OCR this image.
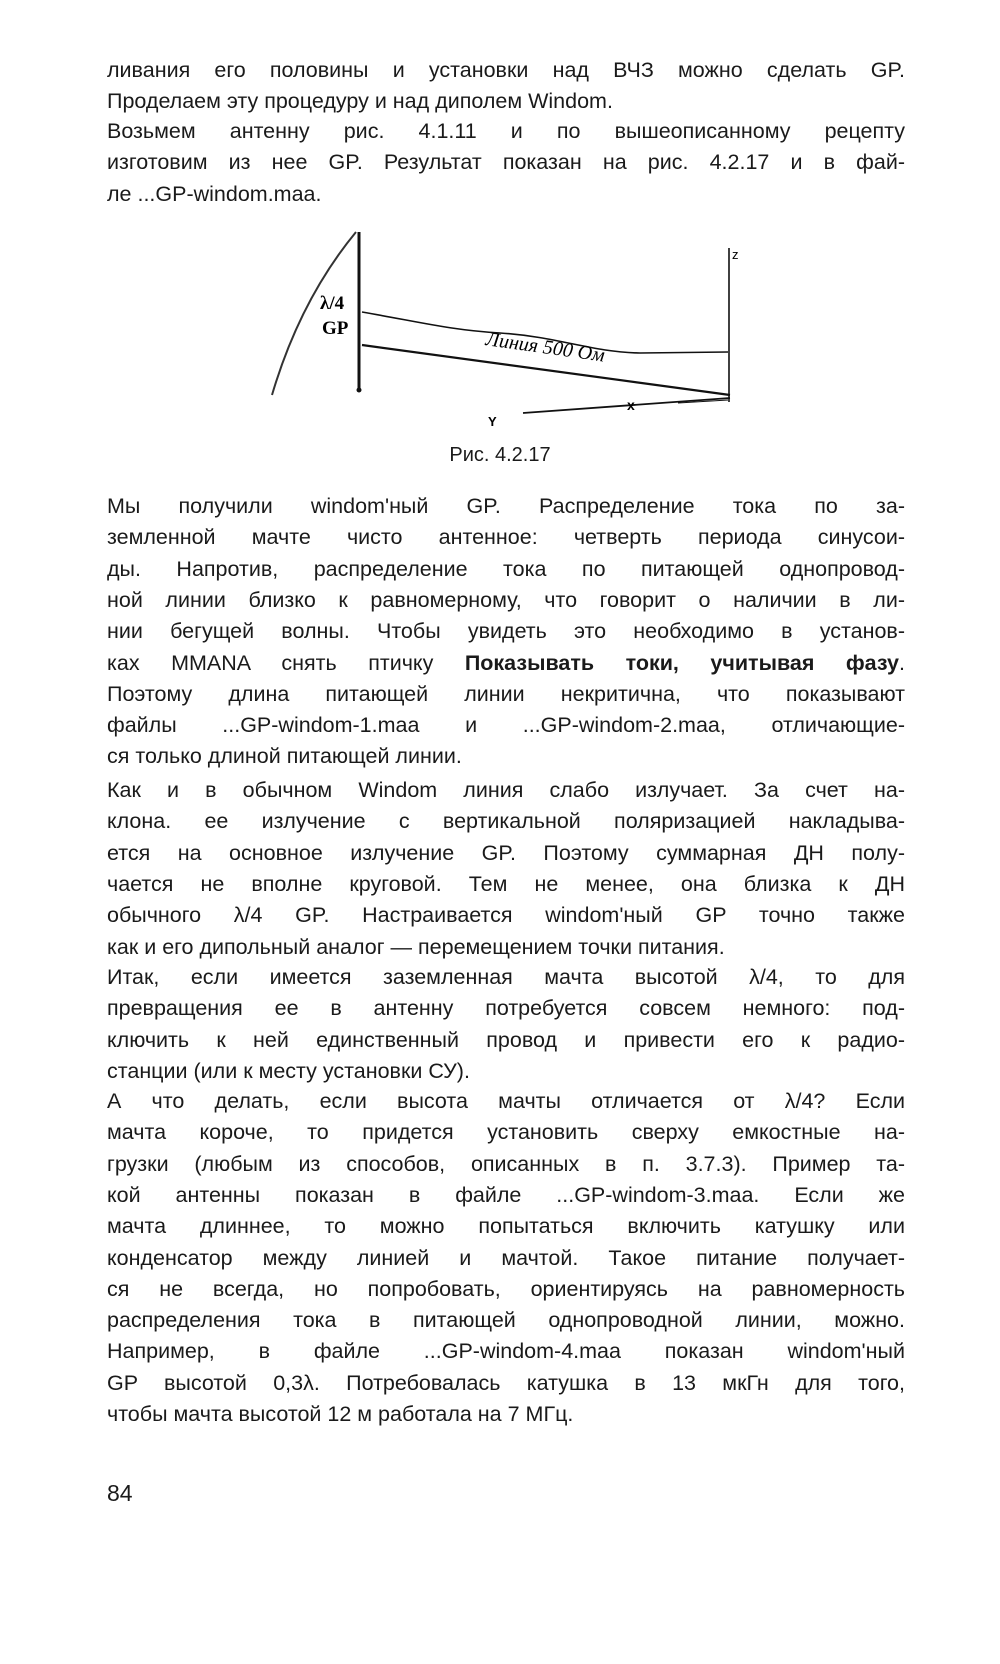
ливания его половины и установки над ВЧЗ можно сделать GP.
Проделаем эту процедуру и над диполем Windom.
Возьмем антенну рис. 4.1.11 и по вышеописанному рецепту
изготовим из нее GP. Результат показан на рис. 4.2.17 и в фай-
ле ...GP-windom.maa.
Мы получили windom'ный GP. Распределение тока по за-
земленной мачте чисто антенное: четверть периода синусои-
ды. Напротив, распределение тока по питающей однопровод-
ной линии близко к равномерному, что говорит о наличии в ли-
нии бегущей волны. Чтобы увидеть это необходимо в установ-
ках MMANA снять птичку Показывать токи, учитывая фазу.
Поэтому длина питающей линии некритична, что показывают
файлы ...GP-windom-1.maa и ...GP-windom-2.maa, отличающие-
ся только длиной питающей линии.
Как и в обычном Windom линия слабо излучает. За счет на-
клона. ее излучение с вертикальной поляризацией накладыва-
ется на основное излучение GP. Поэтому суммарная ДН полу-
чается не вполне круговой. Тем не менее, она близка к ДН
обычного λ/4 GP. Настраивается windom'ный GP точно также
как и его дипольный аналог — перемещением точки питания.
Итак, если имеется заземленная мачта высотой λ/4, то для
превращения ее в антенну потребуется совсем немного: под-
ключить к ней единственный провод и привести его к радио-
станции (или к месту установки СУ).
А что делать, если высота мачты отличается от λ/4? Если
мачта короче, то придется установить сверху емкостные на-
грузки (любым из способов, описанных в п. 3.7.3). Пример та-
кой антенны показан в файле ...GP-windom-3.maa. Если же
мачта длиннее, то можно попытаться включить катушку или
конденсатор между линией и мачтой. Такое питание получает-
ся не всегда, но попробовать, ориентируясь на равномерность
распределения тока в питающей однопроводной линии, можно.
Например, в файле ...GP-windom-4.maa показан windom'ный
GP высотой 0,3λ. Потребовалась катушка в 13 мкГн для того,
чтобы мачта высотой 12 м работала на 7 МГц.
λ/4
GP	Линия 500 Ом
z
Y
x
Рис. 4.2.17
84
